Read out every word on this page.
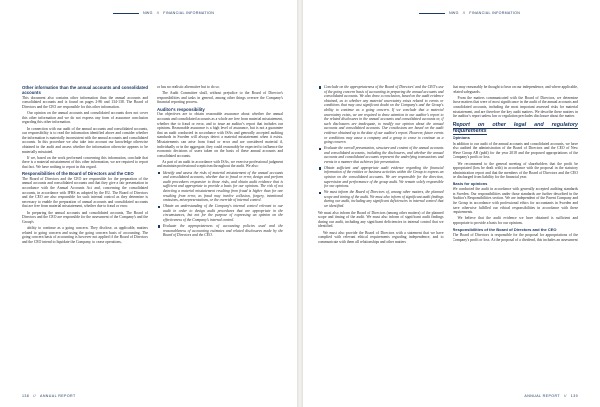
NWG // FINANCIAL INFORMATION
Other information than the annual accounts and consolidated accounts

This document also contains other information than the annual accounts and consolidated accounts and is found on pages 2-86 and 134-138. The Board of Directors and the CEO are responsible for this other information.

Our opinion on the annual accounts and consolidated accounts does not cover this other information and we do not express any form of assurance conclusion regarding this other information.

In connection with our audit of the annual accounts and consolidated accounts, our responsibility is to read the information identified above and consider whether the information is materially inconsistent with the annual accounts and consolidated accounts. In this procedure we also take into account our knowledge otherwise obtained in the audit and assess whether the information otherwise appears to be materially misstated.

If we, based on the work performed concerning this information, conclude that there is a material misstatement of this other information, we are required to report that fact. We have nothing to report in this regard.

Responsibilities of the Board of Directors and the CEO

The Board of Directors and the CEO are responsible for the preparation of the annual accounts and consolidated accounts and that they give a fair presentation in accordance with the Annual Accounts Act and, concerning the consolidated accounts, in accordance with IFRS as adopted by the EU. The Board of Directors and the CEO are also responsible for such internal control as they determine is necessary to enable the preparation of annual accounts and consolidated accounts that are free from material misstatement, whether due to fraud or error.

In preparing the annual accounts and consolidated accounts, The Board of Directors and the CEO are responsible for the assessment of the Company's and the Group's

ability to continue as a going concern. They disclose, as applicable, matters related to going concern and using the going concern basis of accounting. The going concern basis of accounting is however not applied if the Board of Directors and the CEO intend to liquidate the Company, to cease operations,

or has no realistic alternative but to do so.

The Audit Committee shall, without prejudice to the Board of Director's responsibilities and tasks in general, among other things oversee the Company's financial reporting process.

Auditor's responsibility

Our objectives are to obtain reasonable assurance about whether the annual accounts and consolidated accounts as a whole are free from material misstatement, whether due to fraud or error, and to issue an auditor's report that includes our opinions. Reasonable assurance is a high level of assurance, but is not a guarantee that an audit conducted in accordance with ISAs and generally accepted auditing standards in Sweden will always detect a material misstatement when it exists. Misstatements can arise from fraud or error and are considered material if, individually or in the aggregate, they could reasonably be expected to influence the economic decisions of users taken on the basis of these annual accounts and consolidated accounts.

As part of an audit in accordance with ISAs, we exercise professional judgment and maintain professional scepticism throughout the audit. We also:

Identify and assess the risks of material misstatement of the annual accounts and consolidated accounts, whether due to fraud or error, design and perform audit procedures responsive to those risks, and obtain audit evidence that is sufficient and appropriate to provide a basis for our opinions. The risk of not detecting a material misstatement resulting from fraud is higher than for one resulting from error, as fraud may involve collusion, forgery, intentional omissions, misrepresentations, or the override of internal control.
Obtain an understanding of the Company's internal control relevant to our audit in order to design audit procedures that are appropriate in the circumstances, but not for the purpose of expressing an opinion on the effectiveness of the Company's internal control.
Evaluate the appropriateness of accounting policies used and the reasonableness of accounting estimates and related disclosures made by the Board of Directors and the CEO.
138 // ANNUAL REPORT
NWG // FINANCIAL INFORMATION
Conclude on the appropriateness of the Board of Directors' and the CEO's use of the going concern basis of accounting in preparing the annual accounts and consolidated accounts. We also draw a conclusion, based on the audit evidence obtained, as to whether any material uncertainty exists related to events or conditions that may cast significant doubt on the Company's and the Group's ability to continue as a going concern. If we conclude that a material uncertainty exists, we are required to draw attention in our auditor's report to the related disclosures in the annual accounts and consolidated accounts or, if such disclosures are inadequate, to modify our opinion about the annual accounts and consolidated accounts. Our conclusions are based on the audit evidence obtained up to the date of our auditor's report. However, future events or conditions may cause a company and a group to cease to continue as a going concern.
Evaluate the overall presentation, structure and content of the annual accounts and consolidated accounts, including the disclosures, and whether the annual accounts and consolidated accounts represent the underlying transactions and events in a manner that achieves fair presentation.
Obtain sufficient and appropriate audit evidence regarding the financial information of the entities or business activities within the Group to express an opinion on the consolidated accounts. We are responsible for the direction, supervision and performance of the group audit. We remain solely responsible for our opinions.
We must inform the Board of Directors of, among other matters, the planned scope and timing of the audit. We must also inform of significant audit findings during our audit, including any significant deficiencies in internal control that we identified.

We must also inform the Board of Directors (among other matters) of the planned scope and timing of the audit. We must also inform of significant audit findings during our audit, including any significant deficiencies in internal control that we identified.

We must also provide the Board of Directors with a statement that we have complied with relevant ethical requirements regarding independence, and to communicate with them all relationships and other matters

that may reasonably be thought to bear on our independence, and where applicable, related safeguards.

From the matters communicated with the Board of Directors, we determine those matters that were of most significance in the audit of the annual accounts and consolidated accounts, including the most important assessed risks for material misstatement, and are therefore the key audit matters. We describe these matters in the auditor's report unless law or regulation precludes disclosure about the matter.

Report on other legal and regulatory requirements
Opinions

In addition to our audit of the annual accounts and consolidated accounts, we have also audited the administration of the Board of Directors and the CEO of New Wave Group AB (publ) for the year 2018 and the proposed appropriations of the Company's profit or loss.

We recommend to the general meeting of shareholders that the profit be appropriated (loss be dealt with) in accordance with the proposal in the statutory administration report and that the members of the Board of Directors and the CEO be discharged from liability for the financial year.

Basis for opinions

We conducted the audit in accordance with generally accepted auditing standards in Sweden. Our responsibilities under those standards are further described in the Auditor's Responsibilities section. We are independent of the Parent Company and the Group in accordance with professional ethics for accountants in Sweden and have otherwise fulfilled our ethical responsibilities in accordance with these requirements.

We believe that the audit evidence we have obtained is sufficient and appropriate to provide a basis for our opinions.

Responsibilities of the Board of Directors and the CEO

The Board of Directors is responsible for the proposal for appropriations of the Company's profit or loss. At the proposal of a dividend, this includes an assessment

ANNUAL REPORT // 139
